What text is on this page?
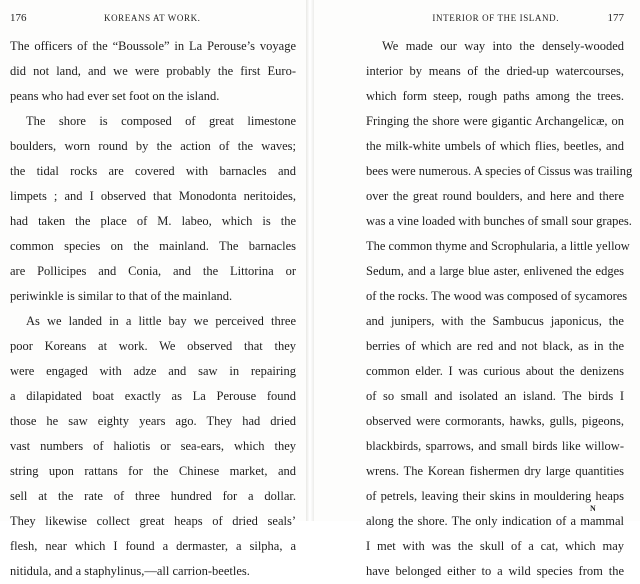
176	KOREANS AT WORK.
The officers of the “Boussole” in La Perouse’s voyage
did not land, and we were probably the first Euro-
peans who had ever set foot on the island.
The shore is composed of great limestone
boulders, worn round by the action of the waves;
the tidal rocks are covered with barnacles and
limpets ; and I observed that Monodonta neritoides,
had taken the place of M. labeo, which is the
common species on the mainland. The barnacles
are Pollicipes and Conia, and the Littorina or
periwinkle is similar to that of the mainland.
As we landed in a little bay we perceived three
poor Koreans at work. We observed that they
were engaged with adze and saw in repairing
a dilapidated boat exactly as La Perouse found
those he saw eighty years ago. They had dried
vast numbers of haliotis or sea-ears, which they
string upon rattans for the Chinese market, and
sell at the rate of three hundred for a dollar.
They likewise collect great heaps of dried seals’
flesh, near which I found a dermaster, a silpha, a
nitidula, and a staphylinus,—all carrion-beetles.
INTERIOR OF THE ISLAND.	177
We made our way into the densely-wooded
interior by means of the dried-up watercourses,
which form steep, rough paths among the trees.
Fringing the shore were gigantic Archangelicæ, on
the milk-white umbels of which flies, beetles, and
bees were numerous. A species of Cissus was trailing
over the great round boulders, and here and there
was a vine loaded with bunches of small sour grapes.
The common thyme and Scrophularia, a little yellow
Sedum, and a large blue aster, enlivened the edges
of the rocks. The wood was composed of sycamores
and junipers, with the Sambucus japonicus, the
berries of which are red and not black, as in the
common elder. I was curious about the denizens
of so small and isolated an island. The birds I
observed were cormorants, hawks, gulls, pigeons,
blackbirds, sparrows, and small birds like willow-
wrens. The Korean fishermen dry large quantities
of petrels, leaving their skins in mouldering heaps
along the shore. The only indication of a mammal
I met with was the skull of a cat, which may
have belonged either to a wild species from the
N
